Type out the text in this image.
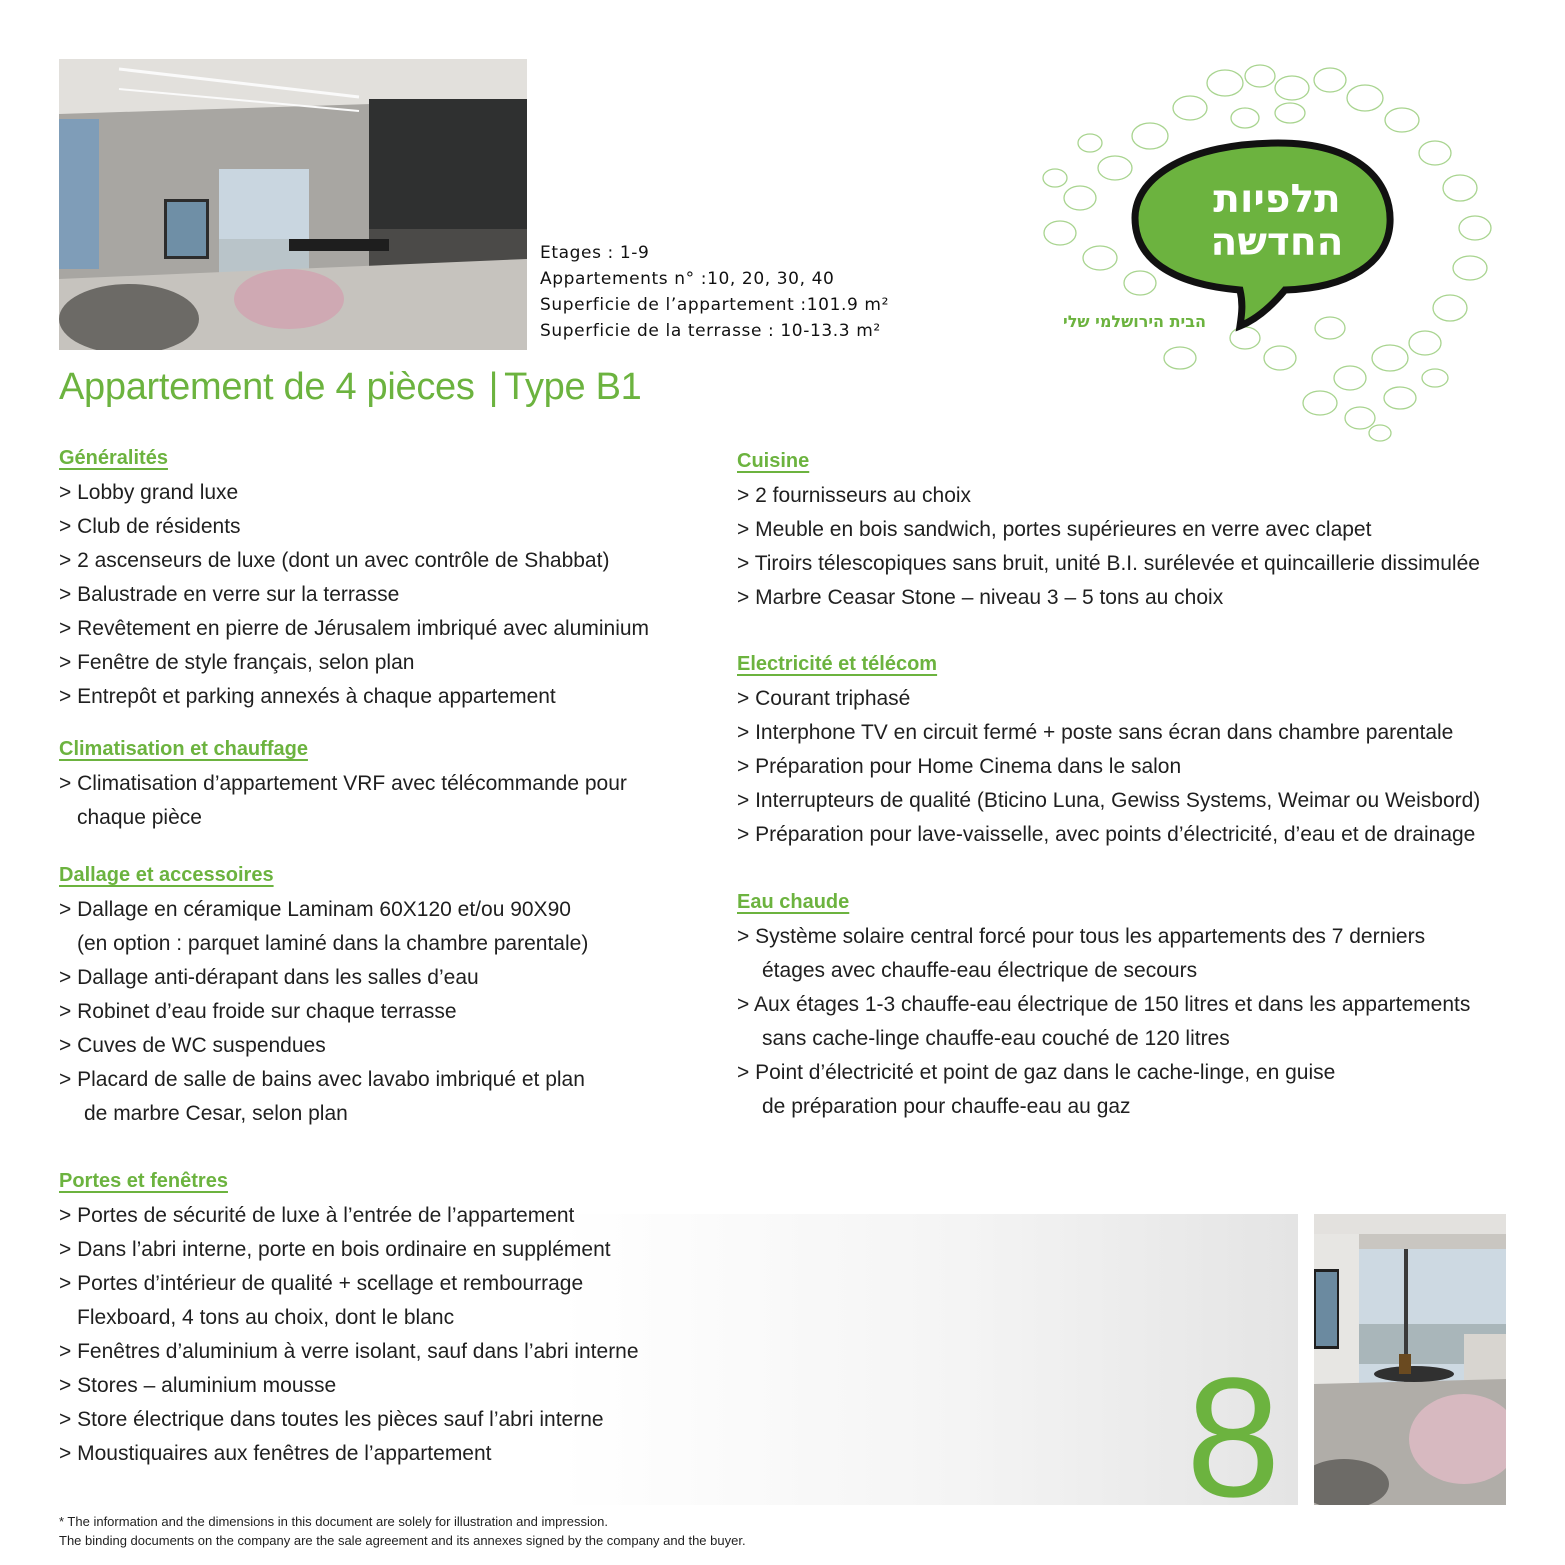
Etages : 1-9
Appartements n° :10, 20, 30, 40
Superficie de l’appartement :101.9 m²
Superficie de la terrasse : 10-13.3 m²
תלפיות
החדשה
הבית הירושלמי שלי
Appartement de 4 pièces | Type B1
Généralités
> Lobby grand luxe
> Club de résidents
> 2 ascenseurs de luxe (dont un avec contrôle de Shabbat)
> Balustrade en verre sur la terrasse
> Revêtement en pierre de Jérusalem imbriqué avec aluminium
> Fenêtre de style français, selon plan
> Entrepôt et parking annexés à chaque appartement
Climatisation et chauffage
> Climatisation d’appartement VRF avec télécommande pour
chaque pièce
Dallage et accessoires
> Dallage en céramique Laminam 60X120 et/ou 90X90
(en option : parquet laminé dans la chambre parentale)
> Dallage anti-dérapant dans les salles d’eau
> Robinet d’eau froide sur chaque terrasse
> Cuves de WC suspendues
> Placard de salle de bains avec lavabo imbriqué et plan
de marbre Cesar, selon plan
Portes et fenêtres
> Portes de sécurité de luxe à l’entrée de l’appartement
> Dans l’abri interne, porte en bois ordinaire en supplément
> Portes d’intérieur de qualité + scellage et rembourrage
Flexboard, 4 tons au choix, dont le blanc
> Fenêtres d’aluminium à verre isolant, sauf dans l’abri interne
> Stores – aluminium mousse
> Store électrique dans toutes les pièces sauf l’abri interne
> Moustiquaires aux fenêtres de l’appartement
Cuisine
> 2 fournisseurs au choix
> Meuble en bois sandwich, portes supérieures en verre avec clapet
> Tiroirs télescopiques sans bruit, unité B.I. surélevée et quincaillerie dissimulée
> Marbre Ceasar Stone – niveau 3 – 5 tons au choix
Electricité et télécom
> Courant triphasé
> Interphone TV en circuit fermé + poste sans écran dans chambre parentale
> Préparation pour Home Cinema dans le salon
> Interrupteurs de qualité (Bticino Luna, Gewiss Systems, Weimar ou Weisbord)
> Préparation pour lave-vaisselle, avec points d’électricité, d’eau et de drainage
Eau chaude
> Système solaire central forcé pour tous les appartements des 7 derniers
étages avec chauffe-eau électrique de secours
> Aux étages 1-3 chauffe-eau électrique de 150 litres et dans les appartements
sans cache-linge chauffe-eau couché de 120 litres
> Point d’électricité et point de gaz dans le cache-linge, en guise
de préparation pour chauffe-eau au gaz
8
* The information and the dimensions in this document are solely for illustration and impression.
The binding documents on the company are the sale agreement and its annexes signed by the company and the buyer.
